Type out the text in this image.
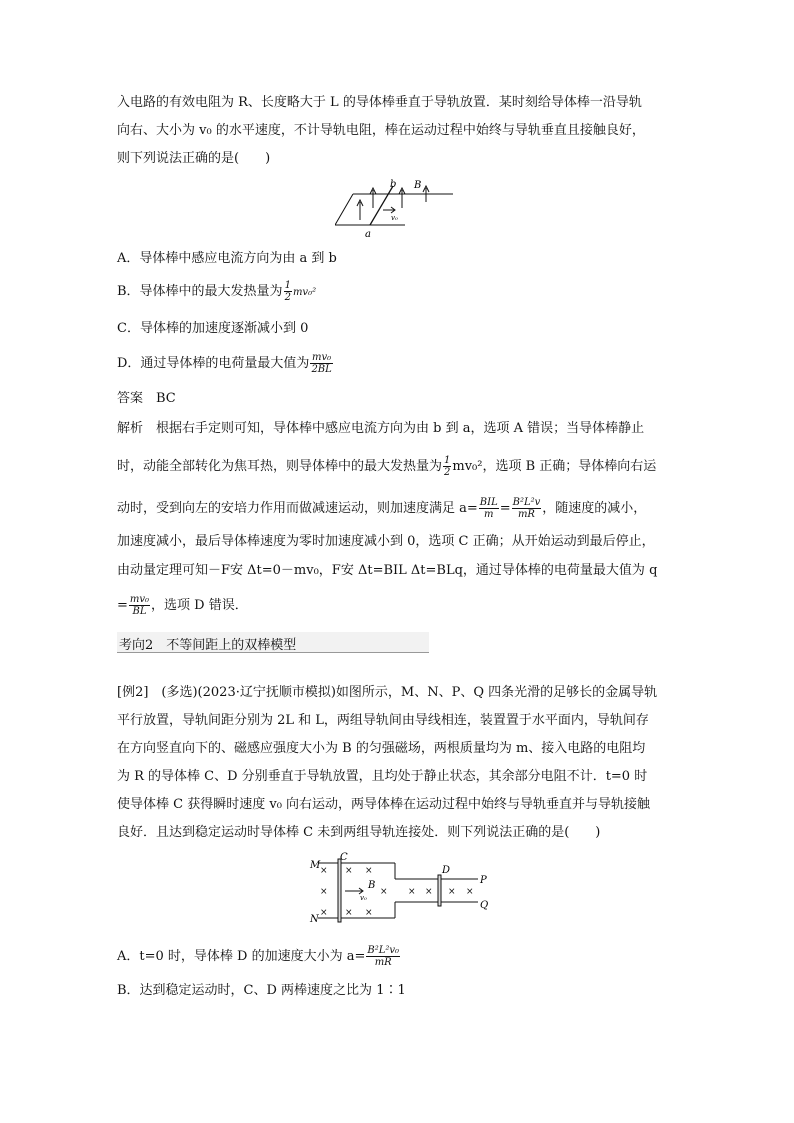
入电路的有效电阻为 R、长度略大于 L 的导体棒垂直于导轨放置．某时刻给导体棒一沿导轨

向右、大小为 v₀ 的水平速度，不计导轨电阻，棒在运动过程中始终与导轨垂直且接触良好，

则下列说法正确的是(　　)

b B
v₀
a
A．导体棒中感应电流方向为由 a 到 b
B．导体棒中的最大发热量为 $\frac{1}{2} mv_0^2$
C．导体棒的加速度逐渐减小到 0
D．通过导体棒的电荷量最大值为 $\frac{\text{mv₀}}{2BL}$
答案　BC

解析　根据右手定则可知，导体棒中感应电流方向为由 b 到 a，选项 A 错误；当导体棒静止

时，动能全部转化为焦耳热，则导体棒中的最大发热量为 $\frac{1}{2} mv_0^2$，选项 B 正确；导体棒向右运
动时，受到向左的安培力作用而做减速运动，则加速度满足 $a= \frac{\text{BIL}}{m} = \frac{\text{B²L²v}}{mR}$ ，随速度的减小，

加速度减小，最后导体棒速度为零时加速度减小到 0，选项 C 正确；从开始运动到最后停止，

由动量定理可知－F安 Δt=0－mv₀，F安 Δt=BIL Δt=BLq，通过导体棒的电荷量最大值为 q

= $\frac{\text{mv₀}}{BL}$ ，选项 D 错误．
考向2　不等间距上的双棒模型

[例2]　(多选)(2023·辽宁抚顺市模拟)如图所示，M、N、P、Q 四条光滑的足够长的金属导轨

平行放置，导轨间距分别为 2L 和 L，两组导轨间由导线相连，装置置于水平面内，导轨间存

在方向竖直向下的、磁感应强度大小为 B 的匀强磁场，两根质量均为 m、接入电路的电阻均

为 R 的导体棒 C、D 分别垂直于导轨放置，且均处于静止状态，其余部分电阻不计．t=0 时

使导体棒 C 获得瞬时速度 v₀ 向右运动，两导体棒在运动过程中始终与导轨垂直并与导轨接触

良好．且达到稳定运动时导体棒 C 未到两组导轨连接处．则下列说法正确的是(　　)

M
C
D
P
B
v₀
N
Q
×
×
×
×
×
×
×
× × × × ×
A．t=0 时，导体棒 D 的加速度大小为 $a= \frac{\text{B²L²v₀}}{mR}$
B．达到稳定运动时，C、D 两棒速度之比为 1∶1
